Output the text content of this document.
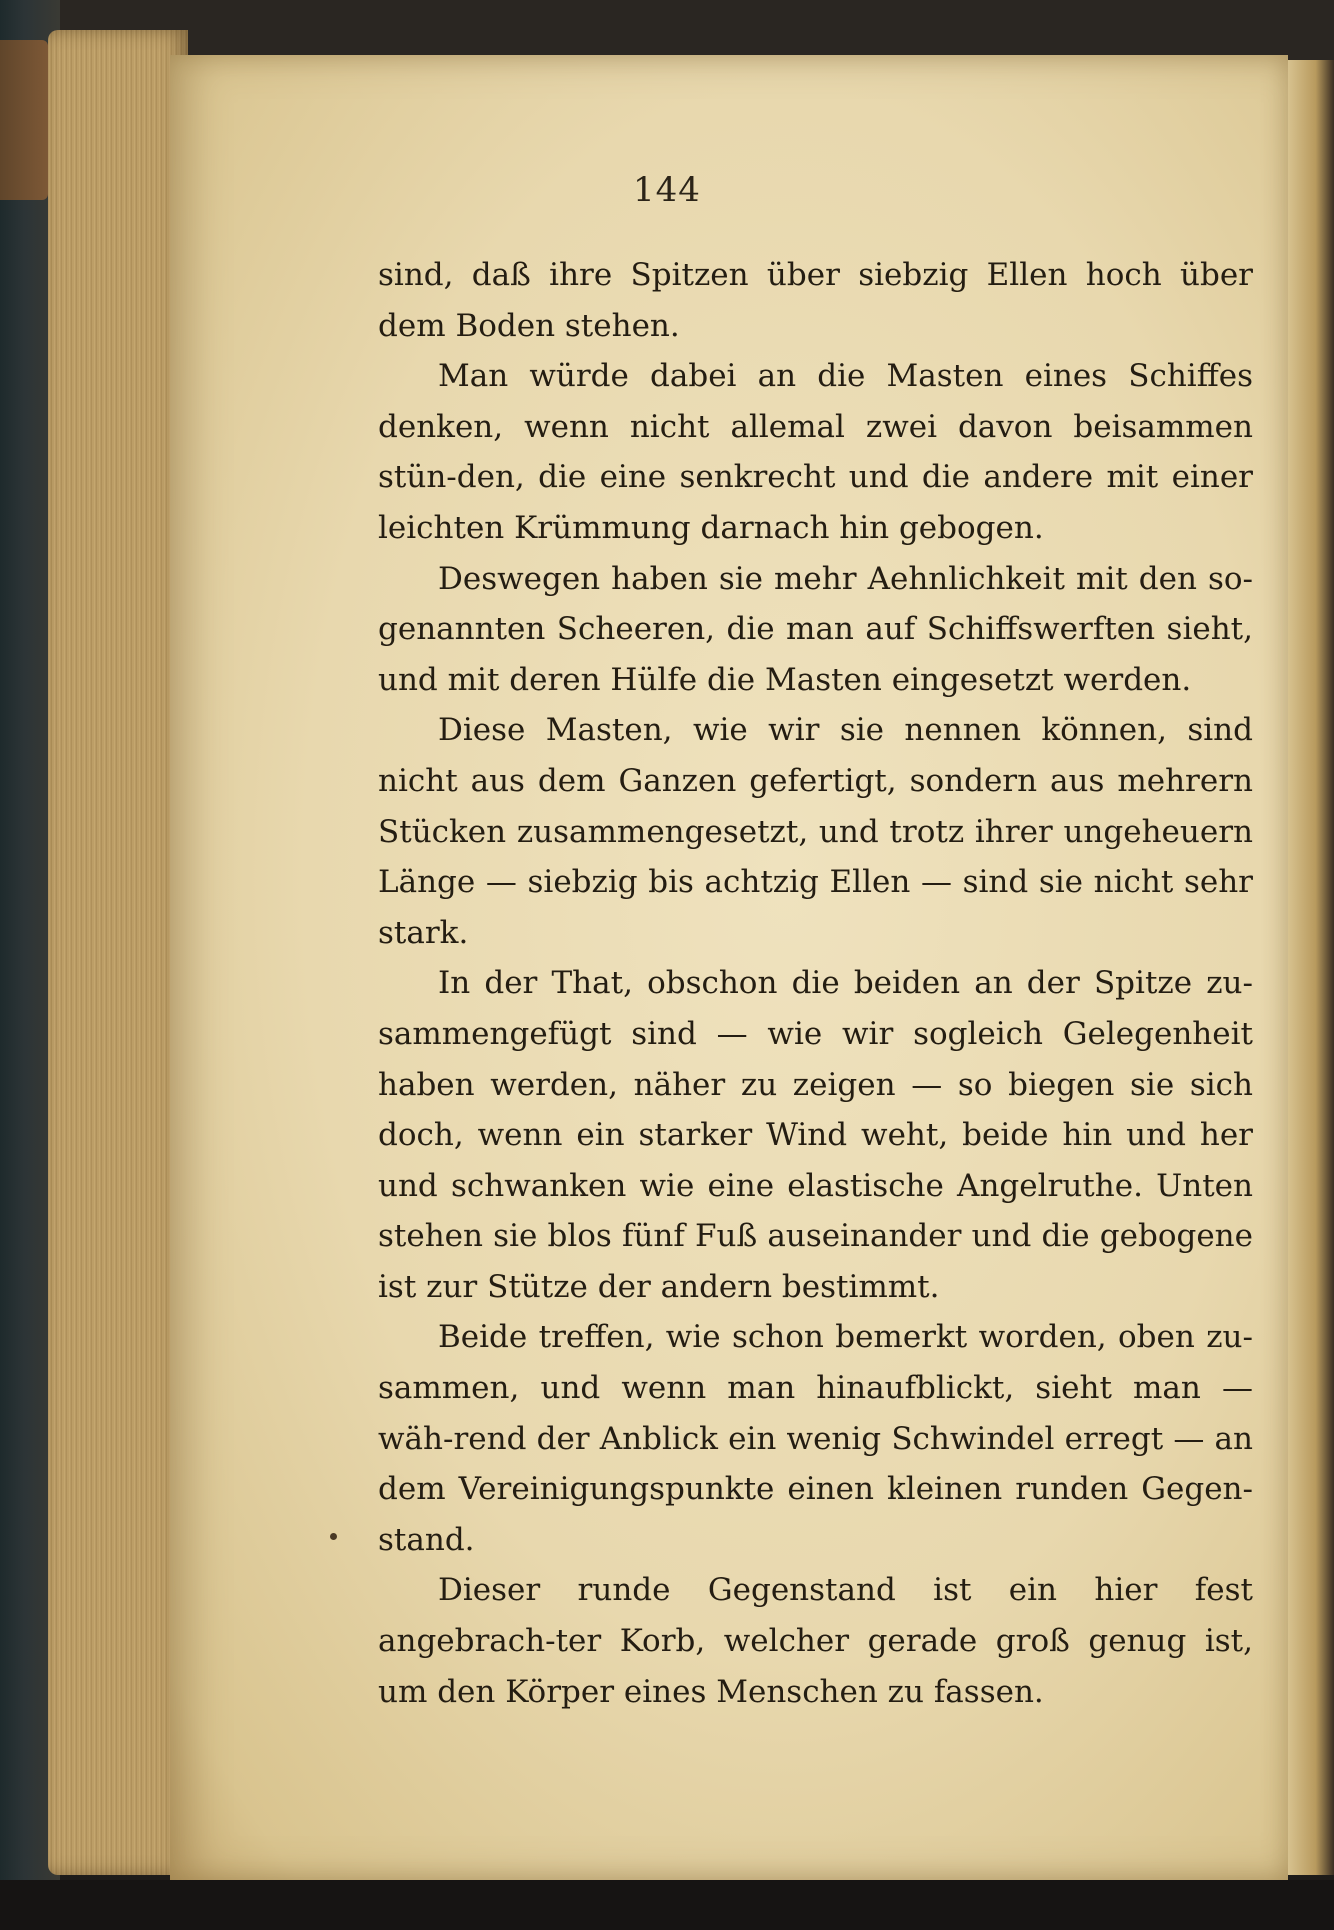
144

sind, daß ihre Spitzen über siebzig Ellen hoch über dem Boden stehen.

Man würde dabei an die Masten eines Schiffes denken, wenn nicht allemal zwei davon beisammen stün-den, die eine senkrecht und die andere mit einer leichten Krümmung darnach hin gebogen.

Deswegen haben sie mehr Aehnlichkeit mit den so-genannten Scheeren, die man auf Schiffswerften sieht, und mit deren Hülfe die Masten eingesetzt werden.

Diese Masten, wie wir sie nennen können, sind nicht aus dem Ganzen gefertigt, sondern aus mehrern Stücken zusammengesetzt, und trotz ihrer ungeheuern Länge — siebzig bis achtzig Ellen — sind sie nicht sehr stark.

In der That, obschon die beiden an der Spitze zu-sammengefügt sind — wie wir sogleich Gelegenheit haben werden, näher zu zeigen — so biegen sie sich doch, wenn ein starker Wind weht, beide hin und her und schwanken wie eine elastische Angelruthe. Unten stehen sie blos fünf Fuß auseinander und die gebogene ist zur Stütze der andern bestimmt.

Beide treffen, wie schon bemerkt worden, oben zu-sammen, und wenn man hinaufblickt, sieht man — wäh-rend der Anblick ein wenig Schwindel erregt — an dem Vereinigungspunkte einen kleinen runden Gegen-stand.

Dieser runde Gegenstand ist ein hier fest angebrach-ter Korb, welcher gerade groß genug ist, um den Körper eines Menschen zu fassen.
